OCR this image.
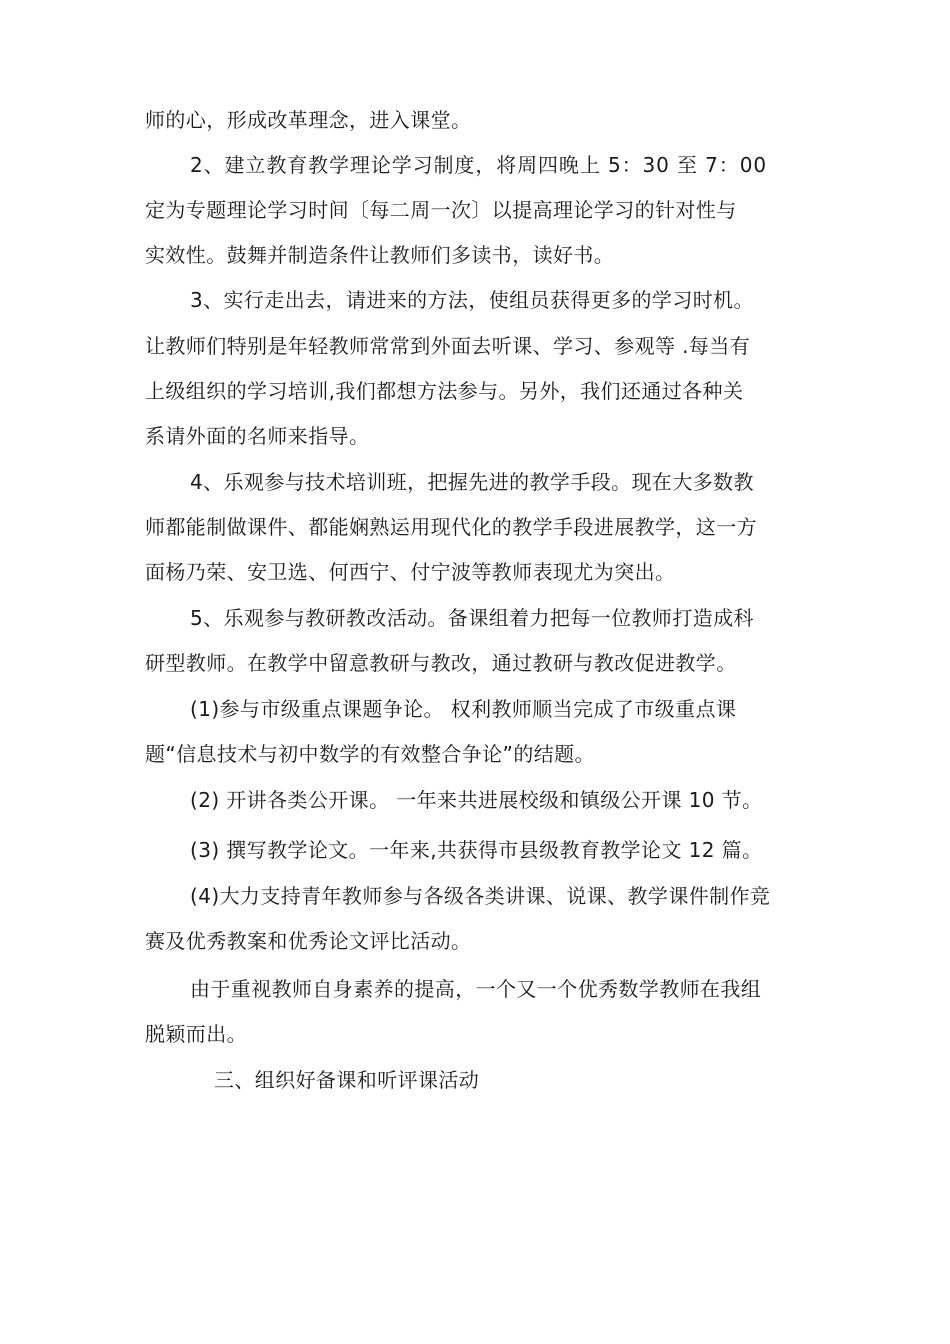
师的心，形成改革理念，进入课堂。
2、建立教育教学理论学习制度，将周四晚上 5：30 至 7：00
定为专题理论学习时间〔每二周一次〕以提高理论学习的针对性与
实效性。鼓舞并制造条件让教师们多读书，读好书。
3、实行走出去，请进来的方法，使组员获得更多的学习时机。
让教师们特别是年轻教师常常到外面去听课、学习、参观等 .每当有
上级组织的学习培训,我们都想方法参与。另外，我们还通过各种关
系请外面的名师来指导。
4、乐观参与技术培训班，把握先进的教学手段。现在大多数教
师都能制做课件、都能娴熟运用现代化的教学手段进展教学，这一方
面杨乃荣、安卫选、何西宁、付宁波等教师表现尤为突出。
5、乐观参与教研教改活动。备课组着力把每一位教师打造成科
研型教师。在教学中留意教研与教改，通过教研与教改促进教学。
(1)参与市级重点课题争论。 权利教师顺当完成了市级重点课
题“信息技术与初中数学的有效整合争论”的结题。
(2) 开讲各类公开课。 一年来共进展校级和镇级公开课 10 节。
(3) 撰写教学论文。一年来,共获得市县级教育教学论文 12 篇。
(4)大力支持青年教师参与各级各类讲课、说课、教学课件制作竞
赛及优秀教案和优秀论文评比活动。
由于重视教师自身素养的提高，一个又一个优秀数学教师在我组
脱颖而出。
三、组织好备课和听评课活动
